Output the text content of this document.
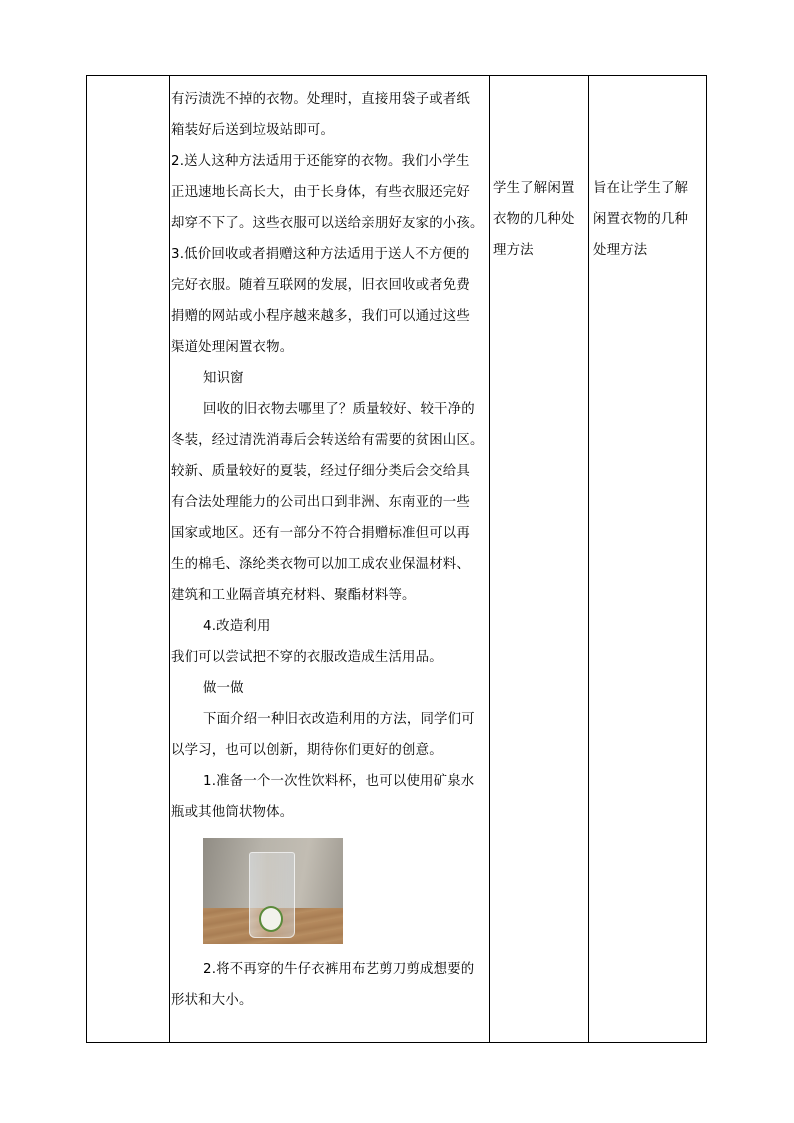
有污渍洗不掉的衣物。处理时，直接用袋子或者纸

箱装好后送到垃圾站即可。

2.送人这种方法适用于还能穿的衣物。我们小学生

正迅速地长高长大，由于长身体，有些衣服还完好

却穿不下了。这些衣服可以送给亲朋好友家的小孩。

3.低价回收或者捐赠这种方法适用于送人不方便的

完好衣服。随着互联网的发展，旧衣回收或者免费

捐赠的网站或小程序越来越多，我们可以通过这些

渠道处理闲置衣物。

知识窗

回收的旧衣物去哪里了？质量较好、较干净的

冬装，经过清洗消毒后会转送给有需要的贫困山区。

较新、质量较好的夏装，经过仔细分类后会交给具

有合法处理能力的公司出口到非洲、东南亚的一些

国家或地区。还有一部分不符合捐赠标准但可以再

生的棉毛、涤纶类衣物可以加工成农业保温材料、

建筑和工业隔音填充材料、聚酯材料等。

4.改造利用

我们可以尝试把不穿的衣服改造成生活用品。

做一做

下面介绍一种旧衣改造利用的方法，同学们可

以学习，也可以创新，期待你们更好的创意。

1.准备一个一次性饮料杯，也可以使用矿泉水

瓶或其他筒状物体。

2.将不再穿的牛仔衣裤用布艺剪刀剪成想要的

形状和大小。

学生了解闲置

衣物的几种处

理方法

旨在让学生了解

闲置衣物的几种

处理方法
